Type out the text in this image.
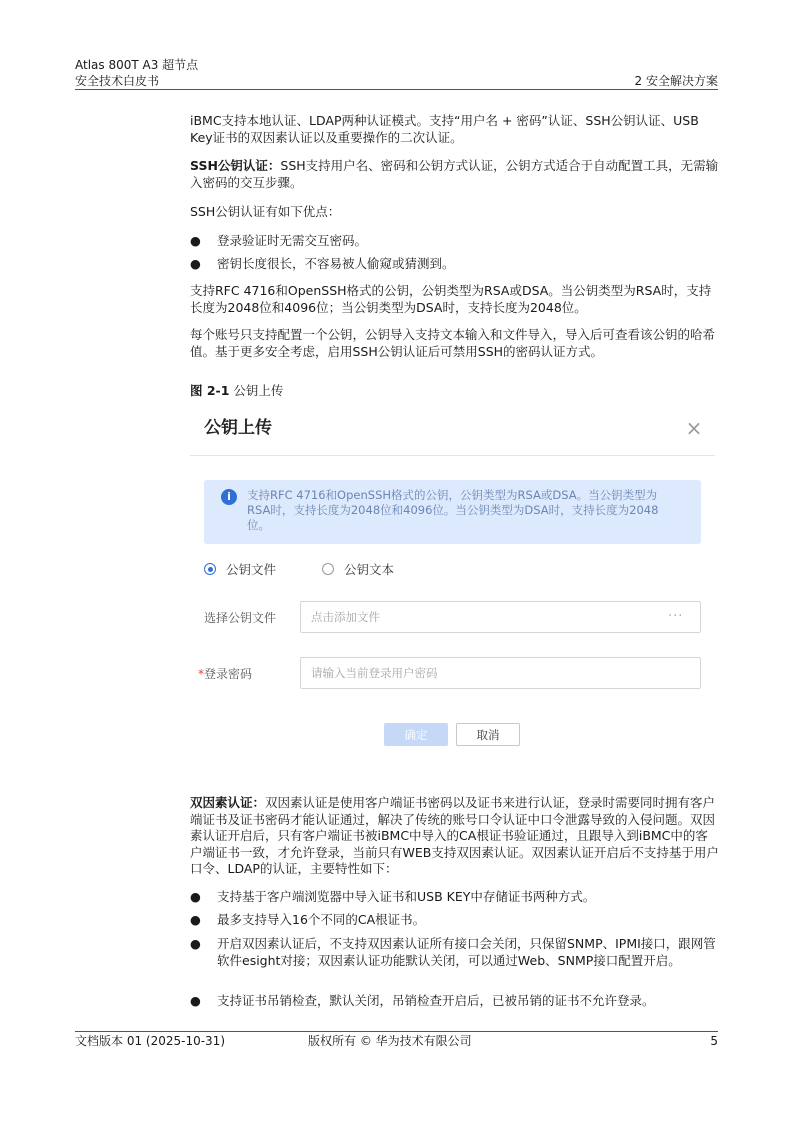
Atlas 800T A3 超节点
安全技术白皮书	2 安全解决方案

iBMC支持本地认证、LDAP两种认证模式。支持“用户名 + 密码”认证、SSH公钥认证、USB Key证书的双因素认证以及重要操作的二次认证。

SSH公钥认证：SSH支持用户名、密码和公钥方式认证，公钥方式适合于自动配置工具，无需输入密码的交互步骤。

SSH公钥认证有如下优点：

●	登录验证时无需交互密码。
●	密钥长度很长，不容易被人偷窥或猜测到。

支持RFC 4716和OpenSSH格式的公钥，公钥类型为RSA或DSA。当公钥类型为RSA时，支持长度为2048位和4096位；当公钥类型为DSA时，支持长度为2048位。

每个账号只支持配置一个公钥，公钥导入支持文本输入和文件导入，导入后可查看该公钥的哈希值。基于更多安全考虑，启用SSH公钥认证后可禁用SSH的密码认证方式。

图 2-1 公钥上传
公钥上传	×
i	支持RFC 4716和OpenSSH格式的公钥，公钥类型为RSA或DSA。当公钥类型为RSA时，支持长度为2048位和4096位。当公钥类型为DSA时，支持长度为2048位。
公钥文件	公钥文本
选择公钥文件
点击添加文件	···
*登录密码
确定	取消

双因素认证：双因素认证是使用客户端证书密码以及证书来进行认证，登录时需要同时拥有客户端证书及证书密码才能认证通过，解决了传统的账号口令认证中口令泄露导致的入侵问题。双因素认证开启后，只有客户端证书被iBMC中导入的CA根证书验证通过，且跟导入到iBMC中的客户端证书一致，才允许登录，当前只有WEB支持双因素认证。双因素认证开启后不支持基于用户口令、LDAP的认证，主要特性如下：

●	支持基于客户端浏览器中导入证书和USB KEY中存储证书两种方式。
●	最多支持导入16个不同的CA根证书。
●	开启双因素认证后，不支持双因素认证所有接口会关闭，只保留SNMP、IPMI接口，跟网管软件esight对接；双因素认证功能默认关闭，可以通过Web、SNMP接口配置开启。
●	支持证书吊销检查，默认关闭，吊销检查开启后，已被吊销的证书不允许登录。
文档版本 01 (2025-10-31)	版权所有 © 华为技术有限公司	5
